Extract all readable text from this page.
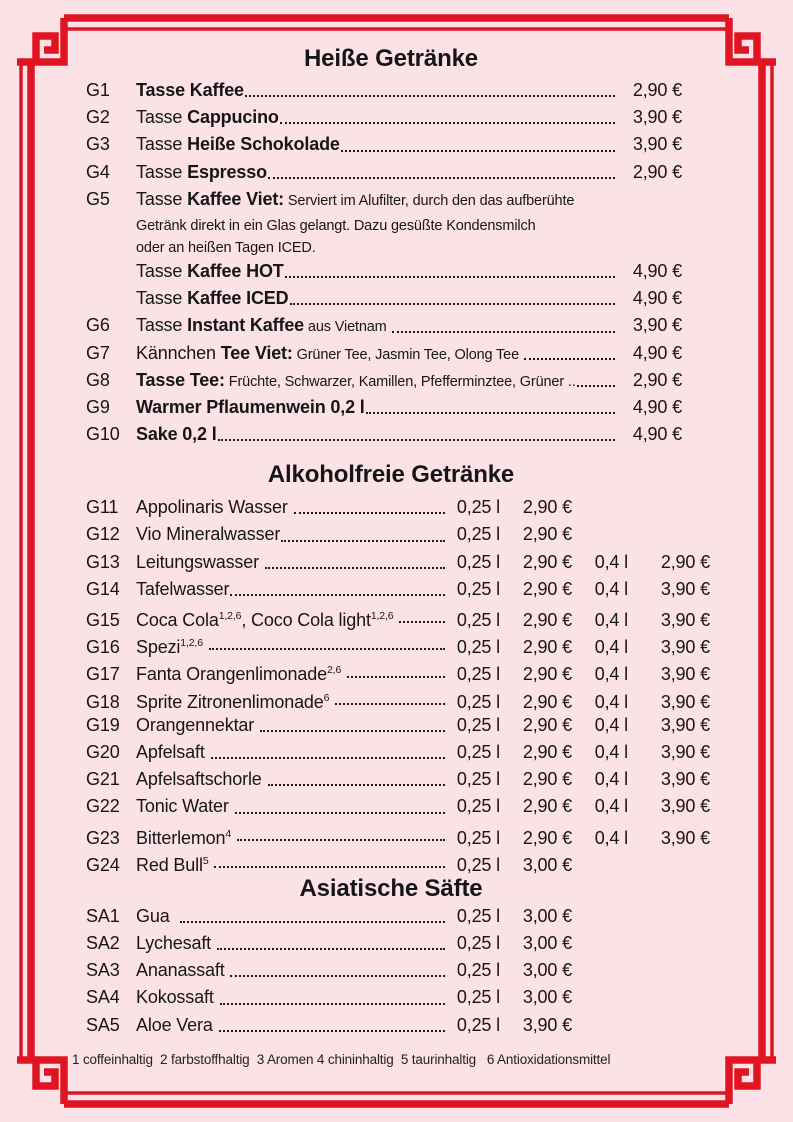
Heiße Getränke
G1	Tasse Kaffee	2,90 €
G2	Tasse Cappucino	3,90 €
G3	Tasse Heiße Schokolade	3,90 €
G4	Tasse Espresso	2,90 €
G5	Tasse Kaffee Viet: Serviert im Alufilter, durch den das aufberühte
Getränk direkt in ein Glas gelangt. Dazu gesüßte Kondensmilch
oder an heißen Tagen ICED.
Tasse Kaffee HOT	4,90 €
Tasse Kaffee ICED	4,90 €
G6	Tasse Instant Kaffee aus Vietnam	3,90 €
G7	Kännchen Tee Viet: Grüner Tee, Jasmin Tee, Olong Tee	4,90 €
G8	Tasse Tee: Früchte, Schwarzer, Kamillen, Pfefferminztee, Grüner ..	2,90 €
G9	Warmer Pflaumenwein 0,2 l	4,90 €
G10 Sake 0,2 l	4,90 €
Alkoholfreie Getränke
G11 Appolinaris Wasser	0,25 l	2,90 €
G12 Vio Mineralwasser	0,25 l	2,90 €
G13 Leitungswasser	0,25 l	2,90 €	0,4 l	2,90 €
G14 Tafelwasser	0,25 l	2,90 €	0,4 l	3,90 €
G15 Coca Cola$^{1,2,6}$, Coco Cola light$^{1,2,6}$	0,25 l	2,90 €	0,4 l	3,90 €
G16 Spezi$^{1,2,6}$	0,25 l	2,90 €	0,4 l	3,90 €
G17 Fanta Orangenlimonade$^{2,6}$	0,25 l	2,90 €	0,4 l	3,90 €
G18 Sprite Zitronenlimonade$^6$	0,25 l	2,90 €	0,4 l	3,90 €
G19 Orangennektar	0,25 l	2,90 €	0,4 l	3,90 €
G20 Apfelsaft	0,25 l	2,90 €	0,4 l	3,90 €
G21 Apfelsaftschorle	0,25 l	2,90 €	0,4 l	3,90 €
G22 Tonic Water	0,25 l	2,90 €	0,4 l	3,90 €
G23 Bitterlemon$^4$	0,25 l	2,90 €	0,4 l	3,90 €
G24 Red Bull$^5$	0,25 l	3,00 €
Asiatische Säfte
SA1 Gua	0,25 l	3,00 €
SA2 Lychesaft	0,25 l	3,00 €
SA3 Ananassaft	0,25 l	3,00 €
SA4 Kokossaft	0,25 l	3,00 €
SA5 Aloe Vera	0,25 l	3,90 €
1 coffeinhaltig  2 farbstoffhaltig  3 Aromen 4 chininhaltig  5 taurinhaltig   6 Antioxidationsmittel
